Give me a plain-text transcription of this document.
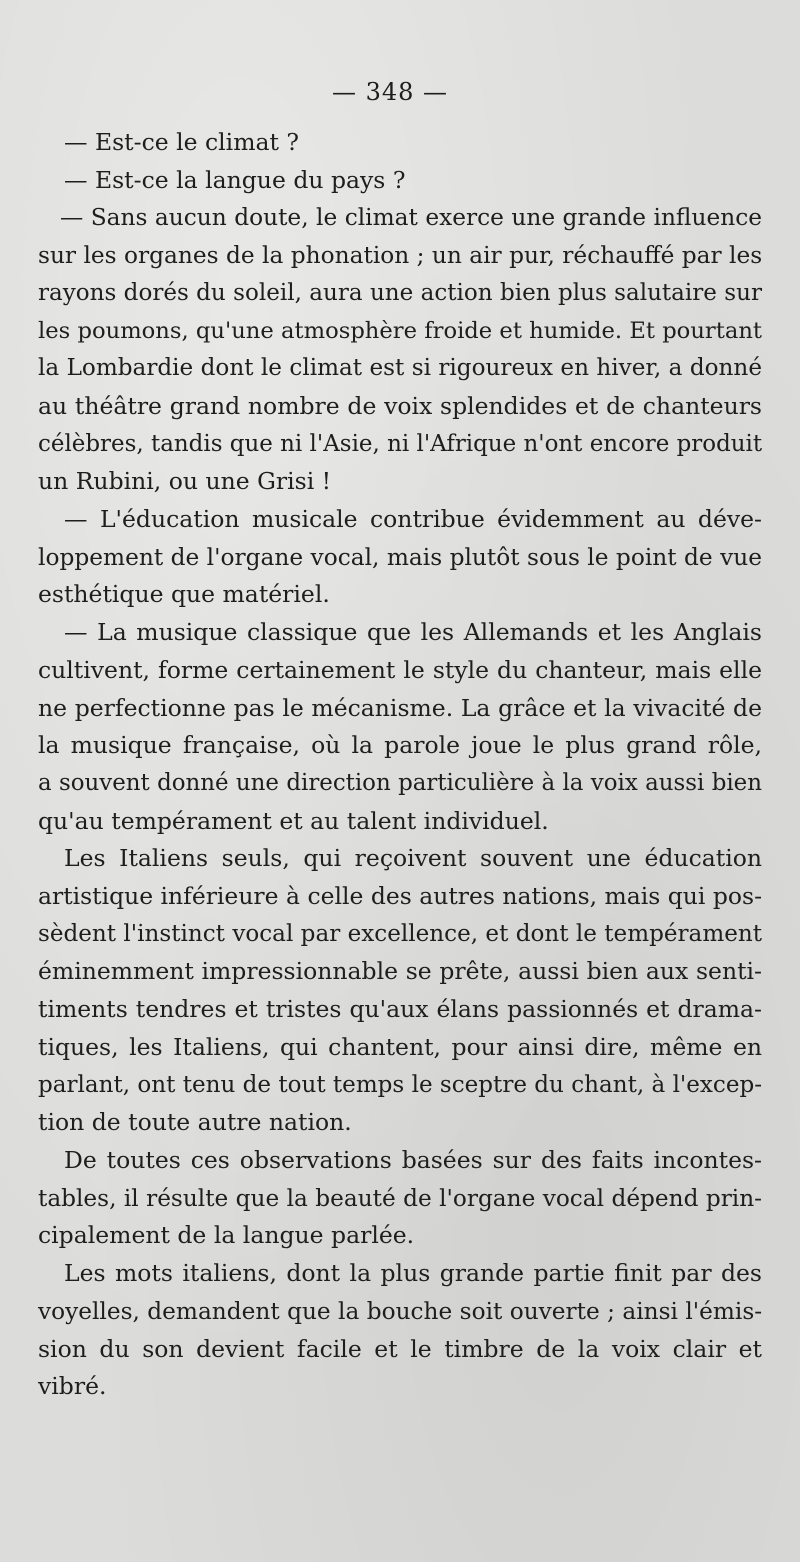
— 348 —
— Est-ce le climat ?
— Est-ce la langue du pays ?
— Sans aucun doute, le climat exerce une grande influence
sur les organes de la phonation ; un air pur, réchauffé par les
rayons dorés du soleil, aura une action bien plus salutaire sur
les poumons, qu'une atmosphère froide et humide. Et pourtant
la Lombardie dont le climat est si rigoureux en hiver, a donné
au théâtre grand nombre de voix splendides et de chanteurs
célèbres, tandis que ni l'Asie, ni l'Afrique n'ont encore produit
un Rubini, ou une Grisi !
— L'éducation musicale contribue évidemment au déve-
loppement de l'organe vocal, mais plutôt sous le point de vue
esthétique que matériel.
— La musique classique que les Allemands et les Anglais
cultivent, forme certainement le style du chanteur, mais elle
ne perfectionne pas le mécanisme. La grâce et la vivacité de
la musique française, où la parole joue le plus grand rôle,
a souvent donné une direction particulière à la voix aussi bien
qu'au tempérament et au talent individuel.
Les Italiens seuls, qui reçoivent souvent une éducation
artistique inférieure à celle des autres nations, mais qui pos-
sèdent l'instinct vocal par excellence, et dont le tempérament
éminemment impressionnable se prête, aussi bien aux senti-
timents tendres et tristes qu'aux élans passionnés et drama-
tiques, les Italiens, qui chantent, pour ainsi dire, même en
parlant, ont tenu de tout temps le sceptre du chant, à l'excep-
tion de toute autre nation.
De toutes ces observations basées sur des faits incontes-
tables, il résulte que la beauté de l'organe vocal dépend prin-
cipalement de la langue parlée.
Les mots italiens, dont la plus grande partie finit par des
voyelles, demandent que la bouche soit ouverte ; ainsi l'émis-
sion du son devient facile et le timbre de la voix clair et
vibré.
